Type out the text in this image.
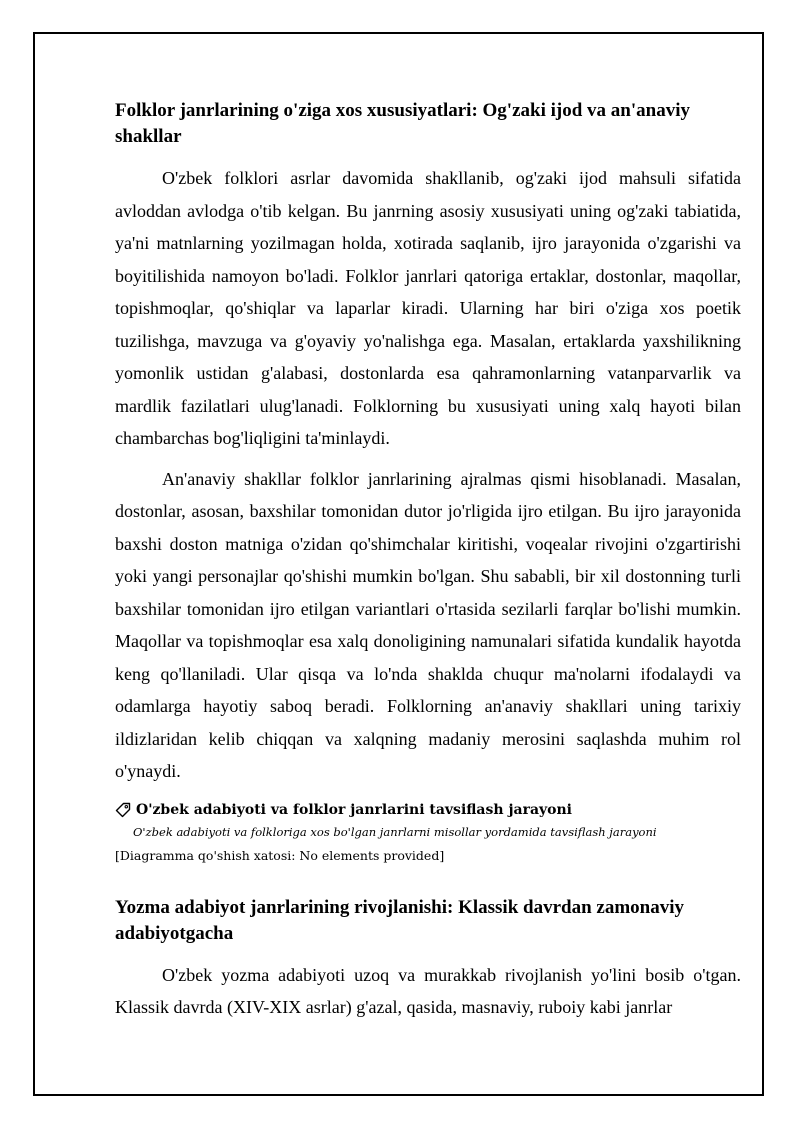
Folklor janrlarining o'ziga xos xususiyatlari: Og'zaki ijod va an'anaviy shakllar

O'zbek folklori asrlar davomida shakllanib, og'zaki ijod mahsuli sifatida avloddan avlodga o'tib kelgan. Bu janrning asosiy xususiyati uning og'zaki tabiatida, ya'ni matnlarning yozilmagan holda, xotirada saqlanib, ijro jarayonida o'zgarishi va boyitilishida namoyon bo'ladi. Folklor janrlari qatoriga ertaklar, dostonlar, maqollar, topishmoqlar, qo'shiqlar va laparlar kiradi. Ularning har biri o'ziga xos poetik tuzilishga, mavzuga va g'oyaviy yo'nalishga ega. Masalan, ertaklarda yaxshilikning yomonlik ustidan g'alabasi, dostonlarda esa qahramonlarning vatanparvarlik va mardlik fazilatlari ulug'lanadi. Folklorning bu xususiyati uning xalq hayoti bilan chambarchas bog'liqligini ta'minlaydi.

An'anaviy shakllar folklor janrlarining ajralmas qismi hisoblanadi. Masalan, dostonlar, asosan, baxshilar tomonidan dutor jo'rligida ijro etilgan. Bu ijro jarayonida baxshi doston matniga o'zidan qo'shimchalar kiritishi, voqealar rivojini o'zgartirishi yoki yangi personajlar qo'shishi mumkin bo'lgan. Shu sababli, bir xil dostonning turli baxshilar tomonidan ijro etilgan variantlari o'rtasida sezilarli farqlar bo'lishi mumkin. Maqollar va topishmoqlar esa xalq donoligining namunalari sifatida kundalik hayotda keng qo'llaniladi. Ular qisqa va lo'nda shaklda chuqur ma'nolarni ifodalaydi va odamlarga hayotiy saboq beradi. Folklorning an'anaviy shakllari uning tarixiy ildizlaridan kelib chiqqan va xalqning madaniy merosini saqlashda muhim rol o'ynaydi.

O'zbek adabiyoti va folklor janrlarini tavsiflash jarayoni
O'zbek adabiyoti va folkloriga xos bo'lgan janrlarni misollar yordamida tavsiflash jarayoni
[Diagramma qo'shish xatosi: No elements provided]
Yozma adabiyot janrlarining rivojlanishi: Klassik davrdan zamonaviy adabiyotgacha

O'zbek yozma adabiyoti uzoq va murakkab rivojlanish yo'lini bosib o'tgan. Klassik davrda (XIV-XIX asrlar) g'azal, qasida, masnaviy, ruboiy kabi janrlar
